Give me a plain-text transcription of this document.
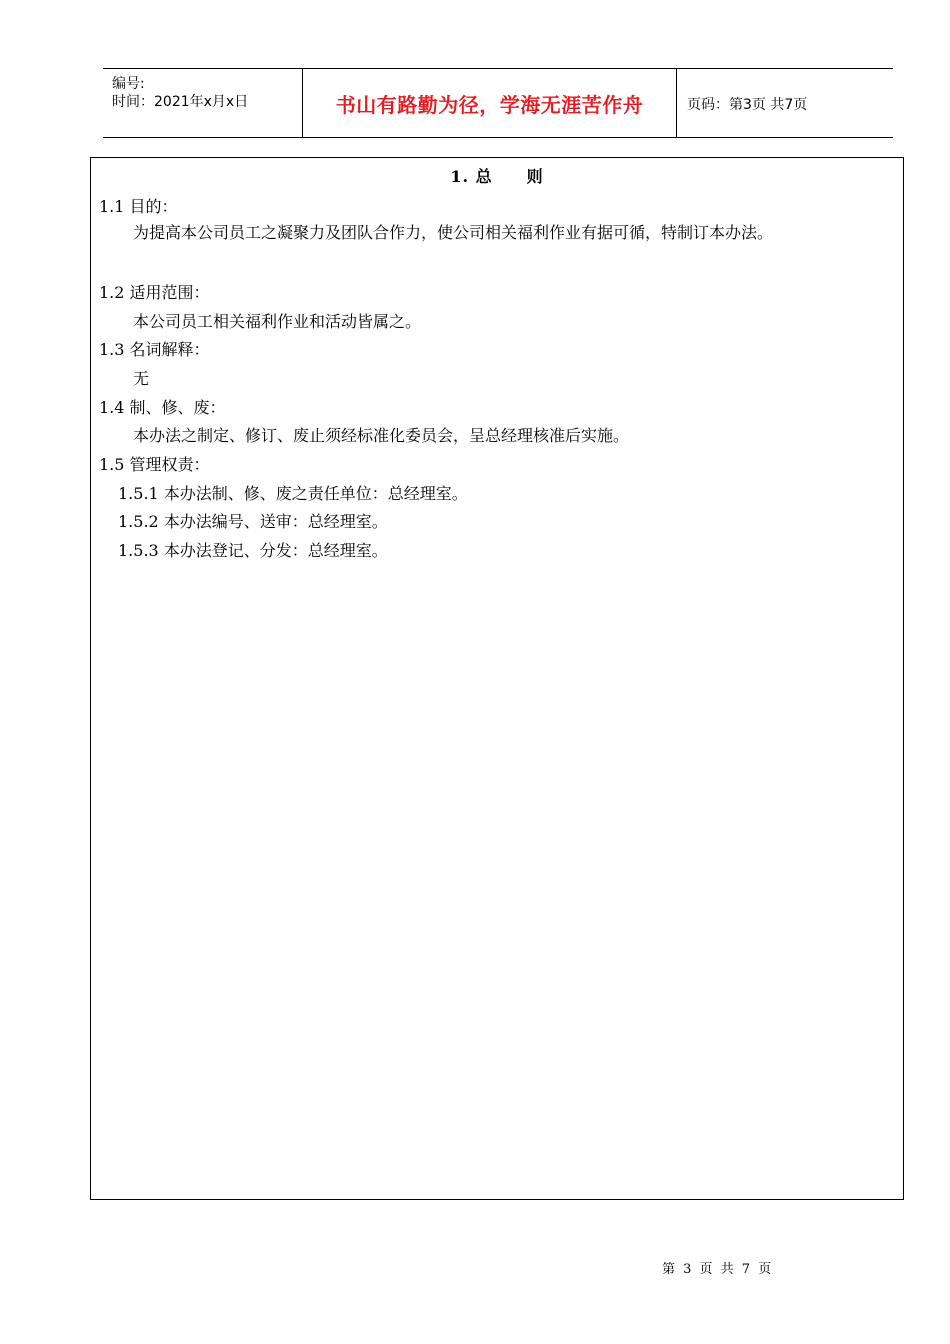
编号:
时间：2021年x月x日	书山有路勤为径，学海无涯苦作舟	页码：第3页 共7页
1. 总 则
1.1 目的：
为提高本公司员工之凝聚力及团队合作力，使公司相关福利作业有据可循，特制订本办法。
1.2 适用范围：
本公司员工相关福利作业和活动皆属之。
1.3 名词解释：
无
1.4 制、修、废：
本办法之制定、修订、废止须经标准化委员会，呈总经理核准后实施。
1.5 管理权责：
1.5.1 本办法制、修、废之责任单位：总经理室。
1.5.2 本办法编号、送审：总经理室。
1.5.3 本办法登记、分发：总经理室。
第 3 页 共 7 页
